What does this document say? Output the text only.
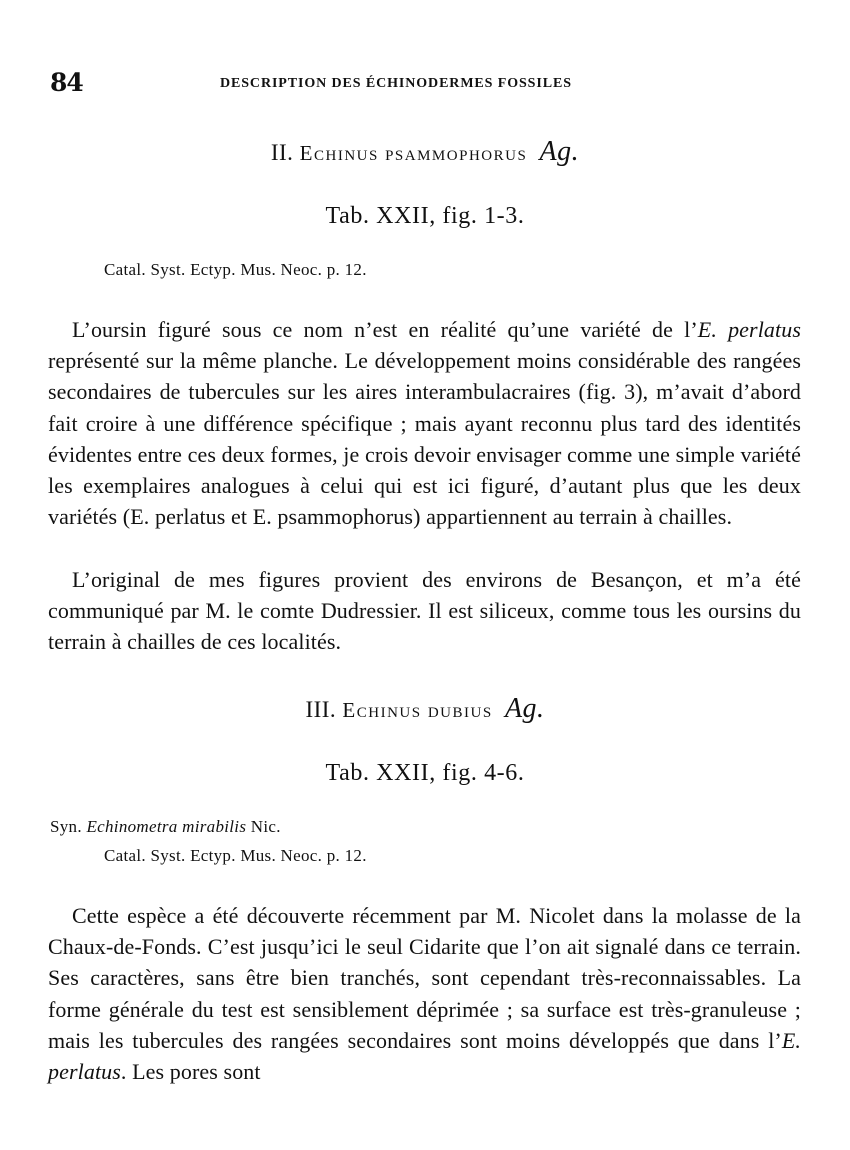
84	DESCRIPTION DES ÉCHINODERMES FOSSILES
II. Echinus psammophorus Ag.
Tab. XXII, fig. 1-3.
Catal. Syst. Ectyp. Mus. Neoc. p. 12.
L’oursin figuré sous ce nom n’est en réalité qu’une variété de l’E. perlatus représenté sur la même planche. Le développement moins considérable des rangées secondaires de tubercules sur les aires interambulacraires (fig. 3), m’avait d’abord fait croire à une différence spécifique ; mais ayant reconnu plus tard des identités évidentes entre ces deux formes, je crois devoir envisager comme une simple variété les exemplaires analogues à celui qui est ici figuré, d’autant plus que les deux variétés (E. perlatus et E. psammophorus) appartiennent au terrain à chailles.
L’original de mes figures provient des environs de Besançon, et m’a été communiqué par M. le comte Dudressier. Il est siliceux, comme tous les oursins du terrain à chailles de ces localités.
III. Echinus dubius Ag.
Tab. XXII, fig. 4-6.
Syn. Echinometra mirabilis Nic.
Catal. Syst. Ectyp. Mus. Neoc. p. 12.
Cette espèce a été découverte récemment par M. Nicolet dans la molasse de la Chaux-de-Fonds. C’est jusqu’ici le seul Cidarite que l’on ait signalé dans ce terrain. Ses caractères, sans être bien tranchés, sont cependant très-reconnaissables. La forme générale du test est sensiblement déprimée ; sa surface est très-granuleuse ; mais les tubercules des rangées secondaires sont moins développés que dans l’E. perlatus. Les pores sont
